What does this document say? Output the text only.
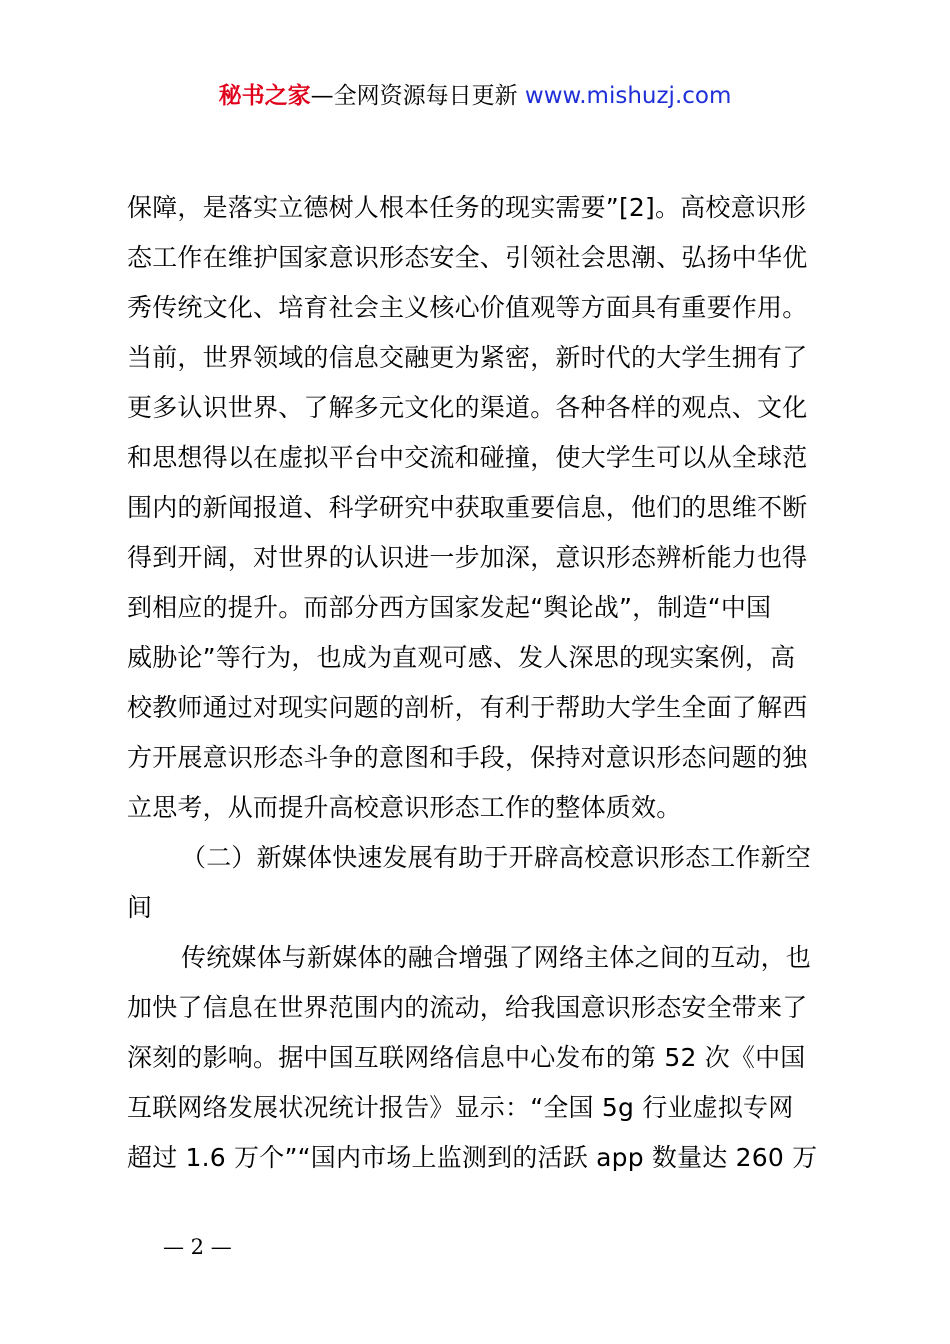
秘书之家—全网资源每日更新 www.mishuzj.com
保障，是落实立德树人根本任务的现实需要”[2]。高校意识形
态工作在维护国家意识形态安全、引领社会思潮、弘扬中华优
秀传统文化、培育社会主义核心价值观等方面具有重要作用。
当前，世界领域的信息交融更为紧密，新时代的大学生拥有了
更多认识世界、了解多元文化的渠道。各种各样的观点、文化
和思想得以在虚拟平台中交流和碰撞，使大学生可以从全球范
围内的新闻报道、科学研究中获取重要信息，他们的思维不断
得到开阔，对世界的认识进一步加深，意识形态辨析能力也得
到相应的提升。而部分西方国家发起“舆论战”，制造“中国
威胁论”等行为，也成为直观可感、发人深思的现实案例，高
校教师通过对现实问题的剖析，有利于帮助大学生全面了解西
方开展意识形态斗争的意图和手段，保持对意识形态问题的独
立思考，从而提升高校意识形态工作的整体质效。
（二）新媒体快速发展有助于开辟高校意识形态工作新空
间
传统媒体与新媒体的融合增强了网络主体之间的互动，也
加快了信息在世界范围内的流动，给我国意识形态安全带来了
深刻的影响。据中国互联网络信息中心发布的第 52 次《中国
互联网络发展状况统计报告》显示：“全国 5g 行业虚拟专网
超过 1.6 万个”“国内市场上监测到的活跃 app 数量达 260 万
— 2 —
